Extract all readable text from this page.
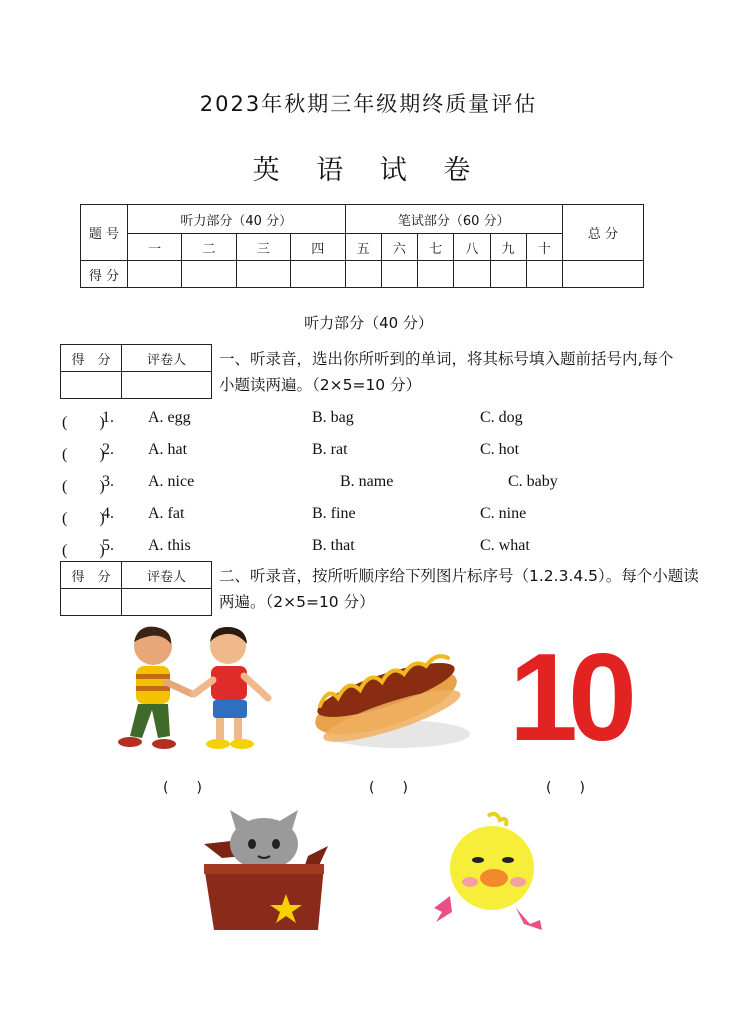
2023年秋期三年级期终质量评估
英 语 试 卷
题 号	听力部分（40 分）				笔试部分（60 分）						总 分
	一	二	三	四	五	六	七	八	九	十	
得 分											
听力部分（40 分）
得　分	评卷人
	一、听录音，选出你所听到的单词，将其标号填入题前括号内,每个小题读两遍。（2×5=10 分）
(　　)
1. A. egg	B. bag	C. dog
(　　)
2. A. hat	B. rat	C. hot
(　　)
3. A. nice	B. name	C. baby
(　　)
4. A. fat	B. fine	C. nine
(　　)
5. A. this	B. that	C. what
得　分	评卷人
	二、听录音，按所听顺序给下列图片标序号（1.2.3.4.5）。每个小题读两遍。（2×5=10 分）
10
(　　)	(　　)	(　　)
